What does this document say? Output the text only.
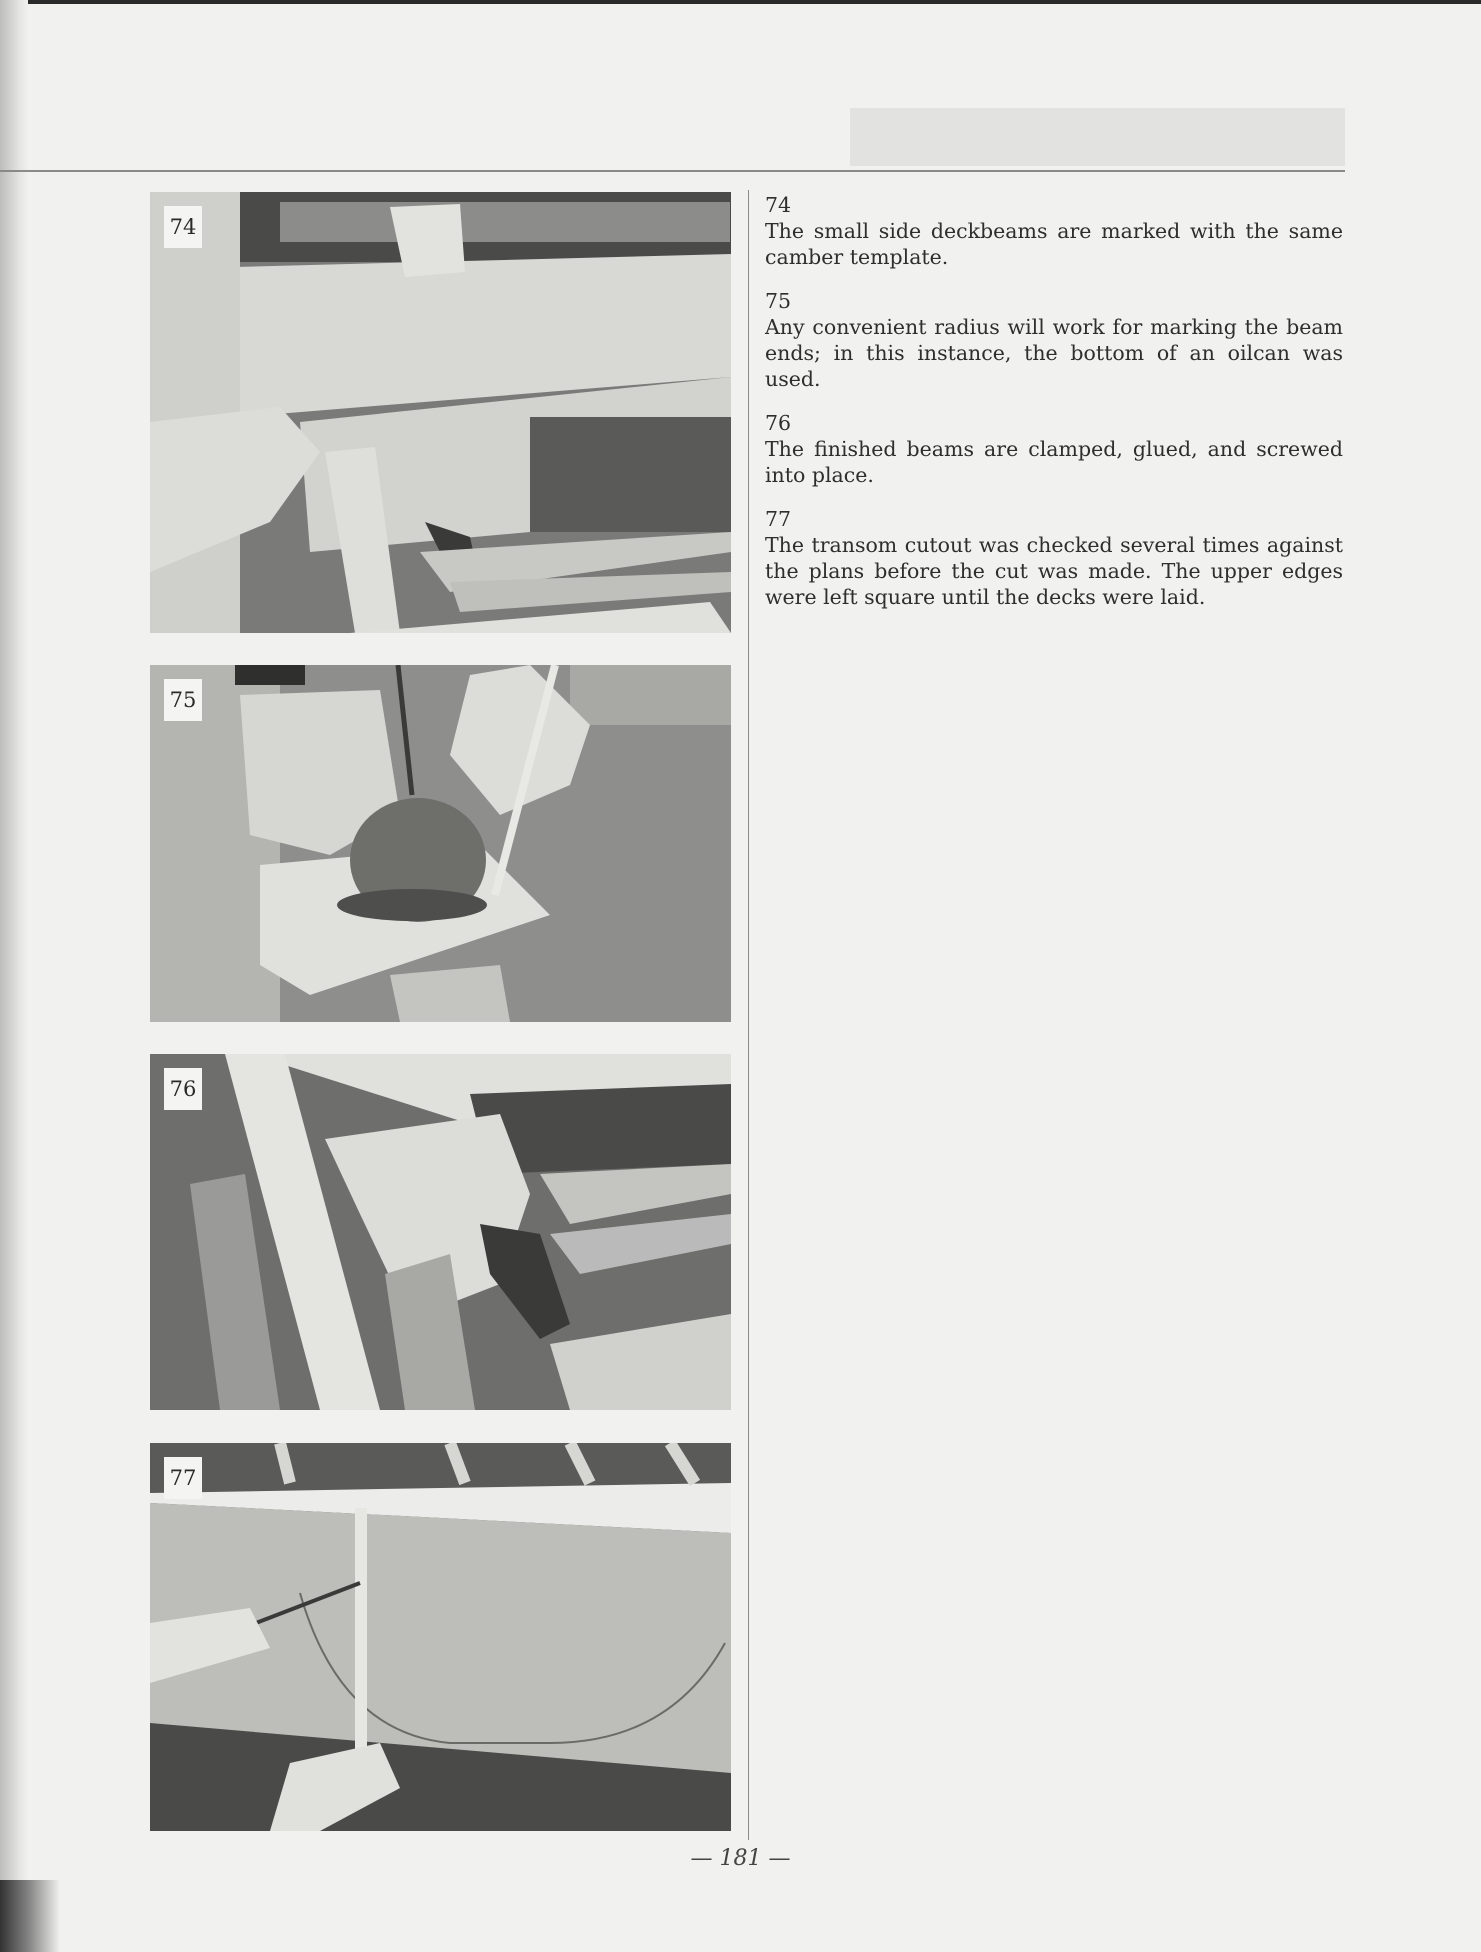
74
75
76
77
74
The small side deckbeams are marked with the same camber template.
75
Any convenient radius will work for marking the beam ends; in this instance, the bottom of an oilcan was used.
76
The finished beams are clamped, glued, and screwed into place.
77
The transom cutout was checked several times against the plans before the cut was made. The upper edges were left square until the decks were laid.
— 181 —
